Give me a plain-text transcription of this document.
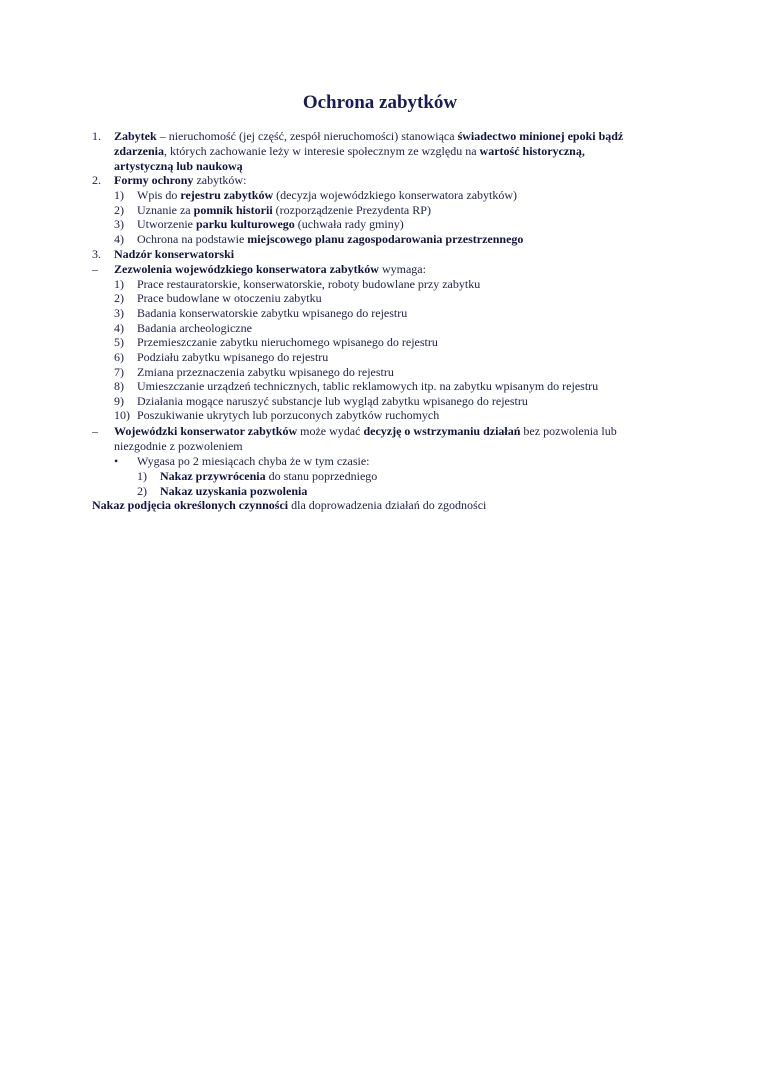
Ochrona zabytków
1. Zabytek – nieruchomość (jej część, zespół nieruchomości) stanowiąca świadectwo minionej epoki bądź
zdarzenia, których zachowanie leży w interesie społecznym ze względu na wartość historyczną,
artystyczną lub naukową
2. Formy ochrony zabytków:
1) Wpis do rejestru zabytków (decyzja wojewódzkiego konserwatora zabytków)
2) Uznanie za pomnik historii (rozporządzenie Prezydenta RP)
3) Utworzenie parku kulturowego (uchwała rady gminy)
4) Ochrona na podstawie miejscowego planu zagospodarowania przestrzennego
3. Nadzór konserwatorski
– Zezwolenia wojewódzkiego konserwatora zabytków wymaga:
1) Prace restauratorskie, konserwatorskie, roboty budowlane przy zabytku
2) Prace budowlane w otoczeniu zabytku
3) Badania konserwatorskie zabytku wpisanego do rejestru
4) Badania archeologiczne
5) Przemieszczanie zabytku nieruchomego wpisanego do rejestru
6) Podziału zabytku wpisanego do rejestru
7) Zmiana przeznaczenia zabytku wpisanego do rejestru
8) Umieszczanie urządzeń technicznych, tablic reklamowych itp. na zabytku wpisanym do rejestru
9) Działania mogące naruszyć substancje lub wygląd zabytku wpisanego do rejestru
10) Poszukiwanie ukrytych lub porzuconych zabytków ruchomych
– Wojewódzki konserwator zabytków może wydać decyzję o wstrzymaniu działań bez pozwolenia lub
niezgodnie z pozwoleniem
• Wygasa po 2 miesiącach chyba że w tym czasie:
1) Nakaz przywrócenia do stanu poprzedniego
2) Nakaz uzyskania pozwolenia
Nakaz podjęcia określonych czynności dla doprowadzenia działań do zgodności
